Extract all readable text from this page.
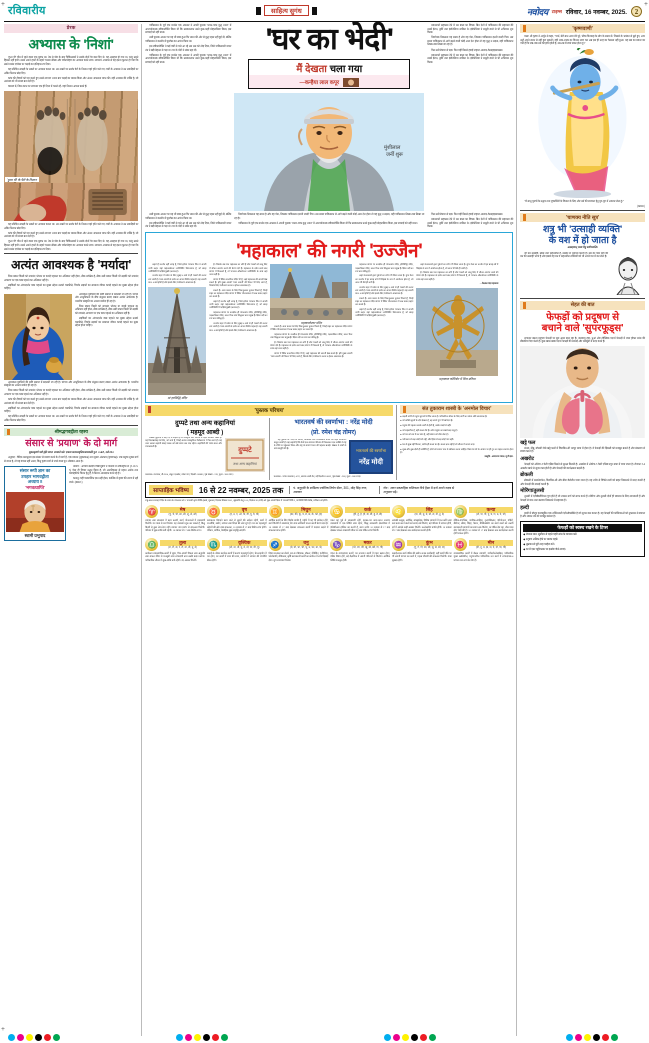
रविवारीय	साहित्य सुगंध	नवोदय टाइम्स रविवार, 16 नवम्बर, 2025.	2
प्रेरक
अभ्यास के 'निशां'

'हुआ ची' चीन में रहने वाला एक युवक था। नेत्र से चोट के बाद चिकित्सकों ने उसके दोनों पैर काट दिए थे। वह असहाय हो गया था, परंतु उसने हिम्मत नहीं हारी। उसने अपने हाथों के सहारे चलना सीखा और पर्वतारोहण का अभ्यास करने लगा। लगातार अभ्यास से वह इतना कुशल हो गया कि उसने माउंट एवरेस्ट पर चढ़ाई कर इतिहास रच दिया।

वह प्रतिदिन लकड़ी के तख्तों पर अभ्यास करता था। उन तख्तों पर उसके पैरों के निशान गहरे होते चले गए। वर्षों के अभ्यास ने उन लकड़ियों पर अमिट निशान छोड़ दिए।

कांच की दीवारों को पार करते हुए उसने लगभग 1000 बार चढ़ाई का प्रयास किया और अंतत: सफलता प्राप्त की। यही अभ्यास की शक्ति है, जो असंभव को भी संभव बना देती है।

वास्तव में, जिस स्थान पर लगातार एक ही दिशा में चलते रहें- वहां निशान अवश्य बनते हैं।

'हुआ ची' के पैरों के निशान

वह प्रतिदिन लकड़ी के तख्तों पर अभ्यास करता था। उन तख्तों पर उसके पैरों के निशान गहरे होते चले गए। वर्षों के अभ्यास ने उन लकड़ियों पर अमिट निशान छोड़ दिए।

कांच की दीवारों को पार करते हुए उसने लगभग 1000 बार चढ़ाई का प्रयास किया और अंतत: सफलता प्राप्त की। यही अभ्यास की शक्ति है, जो असंभव को भी संभव बना देती है।

'हुआ ची' चीन में रहने वाला एक युवक था। नेत्र से चोट के बाद चिकित्सकों ने उसके दोनों पैर काट दिए थे। वह असहाय हो गया था, परंतु उसने हिम्मत नहीं हारी। उसने अपने हाथों के सहारे चलना सीखा और पर्वतारोहण का अभ्यास करने लगा। लगातार अभ्यास से वह इतना कुशल हो गया कि उसने माउंट एवरेस्ट पर चढ़ाई कर इतिहास रच दिया।

अत्यंत आवश्यक है 'मर्यादा'

जिस प्रकार किसी को नापसंद भोजन या कपड़े पहनना का अधिकार नहीं होता, ठीक सर्वश्रेष्ठ है, ठीक उसी प्रकार किसी भी लड़की को नापसंद आचरण पर एक वस्त्र पहनने का अधिकार नहीं है।

लड़कियों का अंगप्रदर्शन वस्त्र पहनने का मुख्य उद्देश्य उनको चमकीले, चिपके लड़कों का सामान्य जीवन कपड़े पहनने का मुख्य उद्देश्य होना चाहिए।

आजकल युवतियों की छवि समाज में बदलती जा रही है। परंपरा और आधुनिकता के बीच संतुलन बनाए रखना अत्यंत आवश्यक है। भारतीय संस्कृति का आधार मर्यादा ही रहा है।

जिस प्रकार किसी को नापसंद भोजन या कपड़े पहनना का अधिकार नहीं होता, ठीक सर्वश्रेष्ठ है, ठीक उसी प्रकार किसी भी लड़की को नापसंद आचरण पर एक वस्त्र पहनने का अधिकार नहीं है।

लड़कियों का अंगप्रदर्शन वस्त्र पहनने का मुख्य उद्देश्य उनको चमकीले, चिपके लड़कों का सामान्य जीवन कपड़े पहनने का मुख्य उद्देश्य होना चाहिए।

आजकल युवतियों की छवि समाज में बदलती जा रही है। परंपरा और आधुनिकता के बीच संतुलन बनाए रखना अत्यंत आवश्यक है। भारतीय संस्कृति का आधार मर्यादा ही रहा है।

जिस प्रकार किसी को नापसंद भोजन या कपड़े पहनना का अधिकार नहीं होता, ठीक सर्वश्रेष्ठ है, ठीक उसी प्रकार किसी भी लड़की को नापसंद आचरण पर एक वस्त्र पहनने का अधिकार नहीं है।

कांच की दीवारों को पार करते हुए उसने लगभग 1000 बार चढ़ाई का प्रयास किया और अंतत: सफलता प्राप्त की। यही अभ्यास की शक्ति है, जो असंभव को भी संभव बना देती है।

लड़कियों का अंगप्रदर्शन वस्त्र पहनने का मुख्य उद्देश्य उनको चमकीले, चिपके लड़कों का सामान्य जीवन कपड़े पहनने का मुख्य उद्देश्य होना चाहिए।

वह प्रतिदिन लकड़ी के तख्तों पर अभ्यास करता था। उन तख्तों पर उसके पैरों के निशान गहरे होते चले गए। वर्षों के अभ्यास ने उन लकड़ियों पर अमिट निशान छोड़ दिए।

श्रीमद्भगवद्गीता रहस्य
संसार से 'प्रयाण' के दो मार्ग

शुक्लकृष्णे गती ह्येते जगत: शाश्वते मते। एकया यात्यनावृत्तिमन्ययावर्तते पुन: ॥ अ.8, श्लो.26॥

अनुवाद : वैदिक मतानुसार इस संसार से प्रयाण करने के दो मार्ग हैं- एक प्रकाश (शुक्लपक्ष) तथा दूसरा अंधकार (कृष्णपक्ष)। जब मनुष्य शुक्ल मार्ग से जाता है, तो वह वापस नहीं आता; किंतु कृष्ण मार्ग से जाने वाला पुन: लौटकर आता है।

संसार रूपी ज्ञान का
उपहार भागवद्गीता
अध्याय 8
'भगवत्प्राप्ति'
स्वामी प्रभुपाद

तात्पर्य : आचार्य बलदेव विद्याभूषण ने वास्तव में उर्वीनवृत्ति से (5.10-3-5) ऐसा ही विचार उद्धृत किया है, जो अनादिकाल से महान अर्थक तथा व्यावहारिक चिंतन हेतु है, वे निरंतर आत्मज्ञान करते रहे हैं।

कथानु: वहीं पारमार्थिक ज्ञान नहीं होता, कार्तिक में कृष्ण की शरण में नहीं जाते। (क्रमश:)

पाकिस्तान के पूर्व एक मार्शल एक अफसर ने अपनी पुस्तक 'भारत-पाक युद्ध 1965' में आश्चर्यजनक स्वीकारोक्ति किया थी कि उसकाध्यान उनने कुछ-कहीं मोहतालिया किया, इस सच्चाई को नहीं माना।

उसी पुस्तक आधार पर यह भी स्पष्ट हुआ कि भारत की ओर से युद्ध पहल नहीं हुई थी, बल्कि पाकिस्तान ने कश्मीर में घुसपैठ कर आरंभ किया था।

इस स्वीकारोक्ति ने कई वर्षों से चले आ रहे उस भ्रम को तोड़ दिया, जिसे पाकिस्तानी प्रचार तंत्र ने बड़ी मेहनत से गढ़ा था। घर के भेदी ने लंका ढहा दी।

पाकिस्तान के पूर्व एक मार्शल एक अफसर ने अपनी पुस्तक 'भारत-पाक युद्ध 1965' में आश्चर्यजनक स्वीकारोक्ति किया थी कि उसकाध्यान उनने कुछ-कहीं मोहतालिया किया, इस सच्चाई को नहीं माना।

'घर का भेदी'
मैं देखता चला गया
—कन्हैया लाल कपूर
मुंशीलाल
जर्नी शुरू

प्रकाशकों सहकाल देने में मन डाला का विषय। बिन देशों में पाकिस्तान की सहायता की उसमें ईरान, तुर्की तथा इंडोनेशिया शामिल थे। इंडोनेशिया ने समुद्री रास्ते से भी अभियान शुरु किया।

निर्णायक निकलता वह समय है और वह पोत, जिसका पाकिस्तान इतनी जल्दी गिरा। उस समय पाकिस्तान से आगे बढ़ने वाली कोई अन्य देश होता तो वह युद्ध न लड़ता, यही पाकिस्तान लिखा-जब लिखा जा रहा है।

फिर उसी बेचारा से पड़ा। फिर वहीं मिलने हवाई जहाज आज़ाद-कैन्यहाइस्टमसर।

प्रकाशकों सहकाल देने में मन डाला का विषय। बिन देशों में पाकिस्तान की सहायता की उसमें ईरान, तुर्की तथा इंडोनेशिया शामिल थे। इंडोनेशिया ने समुद्री रास्ते से भी अभियान शुरु किया।

उसी पुस्तक आधार पर यह भी स्पष्ट हुआ कि भारत की ओर से युद्ध पहल नहीं हुई थी, बल्कि पाकिस्तान ने कश्मीर में घुसपैठ कर आरंभ किया था।

इस स्वीकारोक्ति ने कई वर्षों से चले आ रहे उस भ्रम को तोड़ दिया, जिसे पाकिस्तानी प्रचार तंत्र ने बड़ी मेहनत से गढ़ा था। घर के भेदी ने लंका ढहा दी।

निर्णायक निकलता वह समय है और वह पोत, जिसका पाकिस्तान इतनी जल्दी गिरा। उस समय पाकिस्तान से आगे बढ़ने वाली कोई अन्य देश होता तो वह युद्ध न लड़ता, यही पाकिस्तान लिखा-जब लिखा जा रहा है।

पाकिस्तान के पूर्व एक मार्शल एक अफसर ने अपनी पुस्तक 'भारत-पाक युद्ध 1965' में आश्चर्यजनक स्वीकारोक्ति किया थी कि उसकाध्यान उनने कुछ-कहीं मोहतालिया किया, इस सच्चाई को नहीं माना।

फिर उसी बेचारा से पड़ा। फिर वहीं मिलने हवाई जहाज आज़ाद-कैन्यहाइस्टमसर।

प्रकाशकों सहकाल देने में मन डाला का विषय। बिन देशों में पाकिस्तान की सहायता की उसमें ईरान, तुर्की तथा इंडोनेशिया शामिल थे। इंडोनेशिया ने समुद्री रास्ते से भी अभियान शुरु किया।

'महाकाल' की नगरी 'उज्जैन'

कहते हैं उज्जैन वही जगह है, जिसे हमेशा भगवान शिव ने अपनी नगरी कहा। यहां महाकालेश्वर ज्योतिर्लिंग विराजमान है, जो बारह ज्योतिर्लिंगों में दक्षिणमुखी एकमात्र है।

उज्जैन शहर में प्रवेश के लिए सुबह 4 बजे से ही भक्तों की कतार लग जाती है। भस्म आरती के दर्शन का अपना विशेष महत्व है। यह आरती प्रात: 4 बजे होती है और इसके लिए पंजीकरण आवश्यक है।

मां हरसिद्धि मंदिर

है। जिसके सब पात महाकाल का लोगे हैं और भक्तों को चालू लिए में जीवन आरम्भ करने की प्रेरणा देते हैं। महाकाल के दर्शन करने बाद प्रांगण में निकलते हैं, तो भगवान ओंकारेश्वर ज्योतिर्लिंग के साथ वहां जाना नहीं है।

प्रांगण में स्थित कालभैरव मंदिर भी है, जहां महाकाल की आरती देख सकते हैं। हरि मुख्य आरती 'भस्म आरती' की टिकट भी लिए जाते हैं, जिसके लिए पंजीकरण करना व होटल आवश्यक है।

सकते हैं। अन्य प्रकार के लिए मिलजुलकर कुशल मिलते हैं, जिन्हें शहर का महाकाल मंदिर प्रांगण में स्थित भोजनशाला में अन्न प्रसाद ग्रहण कर सकते हैं।

कहते हैं उज्जैन वही जगह है, जिसे हमेशा भगवान शिव ने अपनी नगरी कहा। यहां महाकालेश्वर ज्योतिर्लिंग विराजमान है, जो बारह ज्योतिर्लिंगों में दक्षिणमुखी एकमात्र है।

महाकाल प्रांगण के नजदीक ही मंगलनाथ मंदिर, हरिसिद्धि मंदिर, गढ़कालिका मंदिर, काल भैरव तथा सिद्धवट घाट प्रमुख हैं। क्षिप्रा नदी का राम घाट प्रसिद्ध है।

उज्जैन शहर में प्रवेश के लिए सुबह 4 बजे से ही भक्तों की कतार लग जाती है। भस्म आरती के दर्शन का अपना विशेष महत्व है। यह आरती प्रात: 4 बजे होती है और इसके लिए पंजीकरण आवश्यक है।

महाकालेश्वर मंदिर

सकते हैं। अन्य प्रकार के लिए मिलजुलकर कुशल मिलते हैं, जिन्हें शहर का महाकाल मंदिर प्रांगण में स्थित भोजनशाला में अन्न प्रसाद ग्रहण कर सकते हैं।

महाकाल प्रांगण के नजदीक ही मंगलनाथ मंदिर, हरिसिद्धि मंदिर, गढ़कालिका मंदिर, काल भैरव तथा सिद्धवट घाट प्रमुख हैं। क्षिप्रा नदी का राम घाट प्रसिद्ध है।

है। जिसके सब पात महाकाल का लोगे हैं और भक्तों को चालू लिए में जीवन आरम्भ करने की प्रेरणा देते हैं। महाकाल के दर्शन करने बाद प्रांगण में निकलते हैं, तो भगवान ओंकारेश्वर ज्योतिर्लिंग के साथ वहां जाना नहीं है।

प्रांगण में स्थित कालभैरव मंदिर भी है, जहां महाकाल की आरती देख सकते हैं। हरि मुख्य आरती 'भस्म आरती' की टिकट भी लिए जाते हैं, जिसके लिए पंजीकरण करना व होटल आवश्यक है।

महाकाल प्रांगण के नजदीक ही मंगलनाथ मंदिर, हरिसिद्धि मंदिर, गढ़कालिका मंदिर, काल भैरव तथा सिद्धवट घाट प्रमुख हैं। क्षिप्रा नदी का राम घाट प्रसिद्ध है।

कहां शंकराचार्य द्वारा पूर्वजों का तर्पण भी किया जाता है। कुंभ मेला का उज्जैन में हर बारह वर्ष में सिंहस्थ के रूप में आयोजन होता है, जो आज भी वैसे ही जारी है।

उज्जैन शहर में प्रवेश के लिए सुबह 4 बजे से ही भक्तों की कतार लग जाती है। भस्म आरती के दर्शन का अपना विशेष महत्व है। यह आरती प्रात: 4 बजे होती है और इसके लिए पंजीकरण आवश्यक है।

सकते हैं। अन्य प्रकार के लिए मिलजुलकर कुशल मिलते हैं, जिन्हें शहर का महाकाल मंदिर प्रांगण में स्थित भोजनशाला में अन्न प्रसाद ग्रहण कर सकते हैं।

कहते हैं उज्जैन वही जगह है, जिसे हमेशा भगवान शिव ने अपनी नगरी कहा। यहां महाकालेश्वर ज्योतिर्लिंग विराजमान है, जो बारह ज्योतिर्लिंगों में दक्षिणमुखी एकमात्र है।

कहां शंकराचार्य द्वारा पूर्वजों का तर्पण भी किया जाता है। कुंभ मेला का उज्जैन में हर बारह वर्ष में सिंहस्थ के रूप में आयोजन होता है, जो आज भी वैसे ही जारी है।

है। जिसके सब पात महाकाल का लोगे हैं और भक्तों को चालू लिए में जीवन आरम्भ करने की प्रेरणा देते हैं। महाकाल के दर्शन करने बाद प्रांगण में निकलते हैं, तो भगवान ओंकारेश्वर ज्योतिर्लिंग के साथ वहां जाना नहीं है।

—कैलाश चंद्र महाजन्य

महाकाल कॉरिडोर में शिव प्रतिमा
'पुस्तक परिचय'
दुप्पटे तथा अन्य कहानियां
( महमूद आब्दी )
दुप्पटे
तथा अन्य कहानियां

लेखक मुहम्मद ने कहे गए से कहानी हैं जो संस्कृति और समाज से गहरा सरोकार रखते हैं। यह किताबसंग्रह के लिए, जो जाते हैं, जिन्हें अत्यंत सांस्कृतिक पैठोंकाराम में पैठ करते हैं। यह उत्तर चलता कहानी संग्रह पाठक को लंबे समय तक याद रहेगा। कहानियों की भाषा सरल और प्रभावशाली है।

प्रकाशक: राजपाल, डी-30/4, अंकुर एन्क्लेव, नरेला गाम, दिल्ली-110086, पृष्ठ संख्या : 128, मूल्य : 200 रुपए।

भारतवर्ष की स्वर्णाभा : नरेंद्र मोदी
(प्रो. रमेश चंद्र तोमर)
भारतवर्ष की स्वर्णाभा
नरेंद्र मोदी

यह पुस्तक प्रो. मोदी के जीवन, व्यक्तित्व और उपलब्धियों कार्यों का गहन विश्लेषण प्रस्तुत करती है। यह कहानी है कि कैसे एक सामान्य परिवार से निकलकर एक व्यक्ति ने राष्ट्र के शीर्ष पर पहुंचकर विश्व और राष्ट्र के सामने भारत की पहचान बनाई। लेखक ने तथ्यों के साथ प्रस्तुति की है।

प्रकाशक : प्रभात प्रकाशन, 4/19, आसफ अली रोड, नई दिल्ली-110002, पृष्ठ संख्या : 208, मूल्य : 600 रुपए।

संत तुकाराम शास्त्री के 'अनमोल विचार'

● कड़वी वाणी से मनुष्य दुश्मनों से मित्र जाता है। पारिवारिक जीवन के लिए वाणी का संयम अति आवश्यक है।

● जो व्यक्ति दूसरों के दोष देखता है, वह अपने गुण भी खो देता है।

● मनुष्य की पहचान उसके कर्मों से होती है, उसके शब्दों से नहीं।

● जो सहनशील है, वही सच्चा वीर है। क्रोध मनुष्य का सबसे बड़ा शत्रु है।

● जो मन को वश में कर लेता है, वही संसार को जीत लेता है।

● परोपकार से बड़ा कोई धर्म नहीं, और हिंसा से बड़ा कोई पाप नहीं।

● धन से सुख नहीं मिलता, संतोष ही सच्चा धन है। सच्चा ज्ञान वही है जो जीवन में उतारा जाए।

● सुख और दुख दोनों ही अतिथि हैं, दोनों को समान भाव से स्वीकार करना चाहिए। विद्या के धर्म के आधार पर ही गुरु का महत्व उजागर होता है।

प्रस्तुति : अमरनाथ भारत, यू.पी.एस.

साप्ताहिक भविष्य	16 से 22 नवम्बर, 2025 तक	पं. अनुहारि के शांडिल्य ज्योतिष तिर्यग सेंटर, 301, मोंह सिंह नगर, आलवर
नोट : अगर साप्ताहिक राशिफल नीचे हैडर में दर्ज अपने नक्षत्र से अनुसार पढ़ें।

राहु-काल सप्ताह में दिन के समय के मंगलवार को 1 भगवती कृष्ण तिथि हवाले, शुक्रवार, दिनांक सितंबर 30।1, बृहस्पति केतु 16.0, दिनांक 20 (शनि) को शुक्र अपनी दिशा में भगवती तिथि 3, मार्गशीर्ष तिथि वैशेष्ठ, शनिवार को होगी।

♈	मेष
(चु, चे, चो, ला, ली, लू, ले, लो)
व्यापार तथा व्यवसाय में काम उत्तमी, कार्य, योजनाओं में व्यवसायी मिलेगी। मन यात्रा से धन मिलेगा। यह व्यवसाय शुरू कर सकते हैं, किंतु किसी से कुछ लेना-देना नहीं। व्यापार नया प्रारंभ से सफलता मिलेगी। परिवार में सुख-शांति बनी रहेगी। 16 नवम्बर से 17 तक विशेष लाभ।
♉	वृष
(इ, उ, ए, ओ, वा, वी, वू, वे, वो)
कामकाज बिगड़ने काम वाले से दूसरों की अपेक्षा रहेगी, कार्य में राजनीति, उद्योग, व्यापार तथा शिक्षा की ओर शुभ है। मन का महत्वपूर्ण उद्देश्यों की ओर उच्च सफलता, 16 नवम्बर से 17 बाद विशेष लाभ होगी। परिवार, धार्मिक, वैवाहिक सुख समृद्धि आएगी।
♊	मिथुन
(का, की, कु, घ, ङ, छ, के, को, हा)
आर्थिक कार्यों के लिए विशेष प्रगति है, महीने में यह भी सम्मेलन होंगे, कार्य मिलेगी में स्वास्थ्यम् रोग साथ अनिवार्य पालन करनी प्रेरणा देता है। 16 नवम्बर से 17 बाद देखकर सफलता कार्यों में पदवान बढ़ाने में सफलता प्राप्त होगी।
♋	कर्क
(ही, हू, हे, हो, डा, डी, डू, डे, डो)
मकर ग्रह पूर्व से व्यवसायी रहेंगे, इसका-मन काम-काज उजागर व्यवसायों में एक स्थिति उच्च रहेगा, सिद्ध उच्चतामी क्षेत्र-विषय में गतिशीलता हासिल का करनी है, काम जारी। 16 नवम्बर से 17 बाद देखकर सफल व्यवसायी चौक पर उच्च मंडित लाभ मिलेगी।
♌	सिंह
(मा, मी, मू, मे, मो, टा, टी, टू, टे)
आपकी उत्सुक, आर्थिक, सांस्कृतिक, विविध व्यापारों में चल करेंगे तथा कम काम करने वालों को बनाए रखें मिलेगा, बड़े परिवार में व्यापार होगी, वर्ग में आपके कहीं अवसर मिलेंगे। उल्लेखनीय प्रगति होगी। 16 नवम्बर से 17 बाद देखकर तक कार्यक्षमता करनी होगी।
♍	कन्या
(टो, पा, पी, पू, ष, ण, ठ, पे, पो)
देशिक-मांगलिक, न्यायिक-साहित्य, नृत्यनीतिज्ञान, परियोजना, मंदिरों, कैरियर, क्रीडा, सिंहर, फैशन, वैश्विकोद्योग का कार्य वालों को उत्तमी कामकाजी व्यापारों का समय तक मिलेगा, घर मंडित देश रहा, जीत यात्रा तीन भेड़ों की है। 16 नवम्बर से 17 बाद देखकर तक कार्यक्षमता करनी होगी सफल होगी।
♎	तुला
(रा, री, रू, रे, रो, ता, ती, तू, ते)
कार्यक्रम व्यावसायिक-कार्यों में सुंदर, मित्र अपनी मित्रता तथा अनुमति तथा सफल मेरिट से मजबूती उच्च लाभदायी तथा उन्नति प्रदान करेगा। पारिवारिक जीवन में सुख-शांति बनी रहेगी। नए अवसर मिलेंगे।
♏	वृश्चिक
(तो, ना, नी, नू, ने, नो, या, यी, यू)
कड़ाई के जीवन कार्यरत कार्यों में कारण महत्वपूर्ण रहेगा, प्रेम-सहयोग में मन होगा, घर कार्यों में साथ की साथ, उपयोग में व्यापार की रणनीति ठीक रहेगी।
♐	धनु
(ये, यो, भा, भी, भू, ध, फा, ढा, भे)
विषय सजावट का सेवारे, इस-मन विषयक, डॉक्टर, मेडिसिन, इंजीनियर, फोटोग्राफी, सेविकास, कृषि कामकाजी कार्यों का कार्यरत में लाभ दिखाई देगा। शुभ समाचार मिलेगा।
♑	मकर
(भो, जा, जी, खू, खे, खो, गा, गी)
मंगल के व्यापारयाम कार्यों, मन उपनयन कार्यों में गहरा बढ़ाव होगा, मंडित विषय होंगे, बड़े वैज्ञानिक में अपनी परिजनों से मिलेगा। आर्थिक स्थिति मजबूत होगी।
♒	कुंभ
(गू, गे, गो, सा, सी, सू, से, सो, दा)
कड़ाईजनक कार्य मंडित की उद्योग-जनक कार्यवाही, वहीं कार्यों मीठे पर भी अपनी परंपरा का कार्य में, महत्व मौसमी की सफलता मिलेगी। यात्रा सुखद रहेगी।
♓	मीन
(दी, दू, थ, झ, ञ, दे, दो, चा, ची)
व्यावसायिक कार्यों में बैठक व्यापारी, मार्गदर्शनलेखकित्र, पारिवारिक मुख्य उन्नतिशील, मनुष्यजनित पारिवारिक जन कार्य में लाभदायक-4 प्रभाव। धन लाभ के योग हैं।
'कृष्णवाणी'

वत्स! श्री कृष्ण ने अर्जुन से कहा, "पार्थ, मेरी बात आज मेरे पूरे, भीष्म पितामह के लोग के समय में। जिससे के भयंकर से छूटे हुए, आप उन्हें अपने स्थान से नहीं हटा सकती। वही शस्त्र-शास्त्र का विधान त्याग कर अब इस ही तरह का फैसला नहीं हुआ। यह सब का प्रकार का गति है कि जब-जब धर्म की हानि होती है, तब-तब मैं स्वयं प्रकट होता हूं।"

"मैं साधु पुरुषों के उद्धार तथा दुष्कर्मियों के विनाश के लिए और धर्म की स्थापना हेतु युग-युग में अवतार लेता हूं।"

(क्रमश:)

'चाणक्य नीति सूत्र'
शत्रु भी 'उत्साही व्यक्ति'
के वश में हो जाता है

उत्साहवान् राजा:रिपु वशीभवन्ति।

जो मन उत्साही, उद्यम तथा सहनशील है, उसका से भयभय करती है। उस का पास यहां की मन की उत्साही भाग्य है और इससे वह मन व सहनशील शक्तियों को भी अपने वश में कर लेता है।

सेहत की बात
फेफड़ों को प्रदूषण से
बचाने वाले 'सुपरफूड्स'

लगातार बढ़ता प्रदूषण फेफड़ों पर बुरा असर डाल रहा है। जलवायु हवा, धुआं और टॉक्सिक पदार्थ फेफड़ों में जमा होकर सांस की बीमारियां पैदा करते हैं। कुछ खास खाद्य पदार्थ फेफड़ों की सफाई और मजबूती में मदद करते हैं।

खट्टे फल

संतरा, नींबू, मौसमी जैसे खट्टे फलों में विटामिन-सी भरपूर मात्रा में होता है। ये फेफड़ों की झिल्ली को मजबूत बनाते हैं और संक्रमण से बचाव करते हैं।

अखरोट

फेफड़ों को ओमेगा-3 फैटी एसिड मिलने से सुरक्षा मिलती है। अखरोट में ओमेगा-3 फैटी एसिड प्रचुर मात्रा में पाया जाता है। रोजाना 3-4 अखरोट खाने से सूजन कम होती है और फेफड़ों की कार्यक्षमता बढ़ती है।

ब्रोकली

ब्रोकली में सल्फोराफेन, विटामिन-सी और बीटा कैरोटीन पाया जाता है। यह शरीर से विषैले तत्वों को बाहर निकालने में मदद करती है और फेफड़ों की सफाई करती है।

मोरिंगा/तुलसी

तुलसी में एंटीबैक्टीरियल गुण होते हैं जो श्वसन मार्ग को साफ करते हैं। मोरिंगा और तुलसी दोनों ही स्वास्थ्य के लिए लाभकारी हैं और फेफड़ों से कफ तथा बलगम निकालने में सहायक हैं।

हल्दी

हल्दी में मौजूद करक्यूमिन एक शक्तिशाली एंटीऑक्सीडेंट है जो सूजन कम करता है। यह फेफड़ों की कोशिकाओं को नुकसान से बचाता है और श्वसन तंत्र को मजबूत बनाता है।

फेफड़ों को स्वस्थ रखने के टिप्स
◆ रोजाना प्रात: सूर्योदय से पहले गहरी सांस के व्यायाम करें।
◆ प्रदूषण अधिक होने पर मास्क पहनें।
◆ धूम्रपान से पूरी तरह परहेज करें।
◆ घर में एयर प्यूरिफायर या इनडोर पौधे लगाएं।
+	+
+
